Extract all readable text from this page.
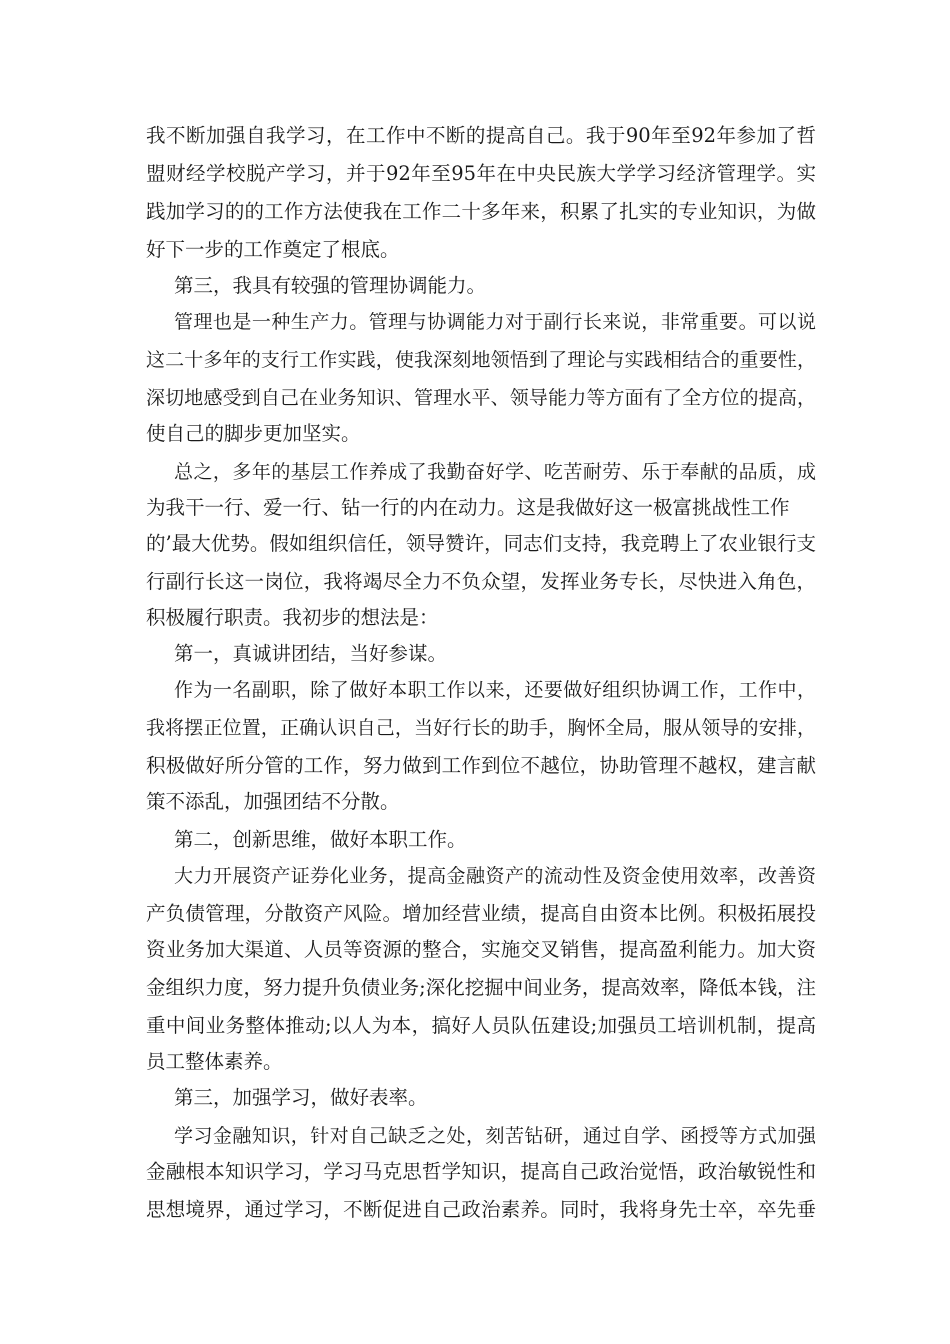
我不断加强自我学习，在工作中不断的提高自己。我于90年至92年参加了哲
盟财经学校脱产学习，并于92年至95年在中央民族大学学习经济管理学。实
践加学习的的工作方法使我在工作二十多年来，积累了扎实的专业知识，为做
好下一步的工作奠定了根底。
第三，我具有较强的管理协调能力。
管理也是一种生产力。管理与协调能力对于副行长来说，非常重要。可以说
这二十多年的支行工作实践，使我深刻地领悟到了理论与实践相结合的重要性，
深切地感受到自己在业务知识、管理水平、领导能力等方面有了全方位的提高，
使自己的脚步更加坚实。
总之，多年的基层工作养成了我勤奋好学、吃苦耐劳、乐于奉献的品质，成
为我干一行、爱一行、钻一行的内在动力。这是我做好这一极富挑战性工作
的’最大优势。假如组织信任，领导赞许，同志们支持，我竞聘上了农业银行支
行副行长这一岗位，我将竭尽全力不负众望，发挥业务专长，尽快进入角色，
积极履行职责。我初步的想法是：
第一，真诚讲团结，当好参谋。
作为一名副职，除了做好本职工作以来，还要做好组织协调工作，工作中，
我将摆正位置，正确认识自己，当好行长的助手，胸怀全局，服从领导的安排，
积极做好所分管的工作，努力做到工作到位不越位，协助管理不越权，建言献
策不添乱，加强团结不分散。
第二，创新思维，做好本职工作。
大力开展资产证券化业务，提高金融资产的流动性及资金使用效率，改善资
产负债管理，分散资产风险。增加经营业绩，提高自由资本比例。积极拓展投
资业务加大渠道、人员等资源的整合，实施交叉销售，提高盈利能力。加大资
金组织力度，努力提升负债业务;深化挖掘中间业务，提高效率，降低本钱，注
重中间业务整体推动;以人为本，搞好人员队伍建设;加强员工培训机制，提高
员工整体素养。
第三，加强学习，做好表率。
学习金融知识，针对自己缺乏之处，刻苦钻研，通过自学、函授等方式加强
金融根本知识学习，学习马克思哲学知识，提高自己政治觉悟，政治敏锐性和
思想境界，通过学习，不断促进自己政治素养。同时，我将身先士卒，卒先垂
